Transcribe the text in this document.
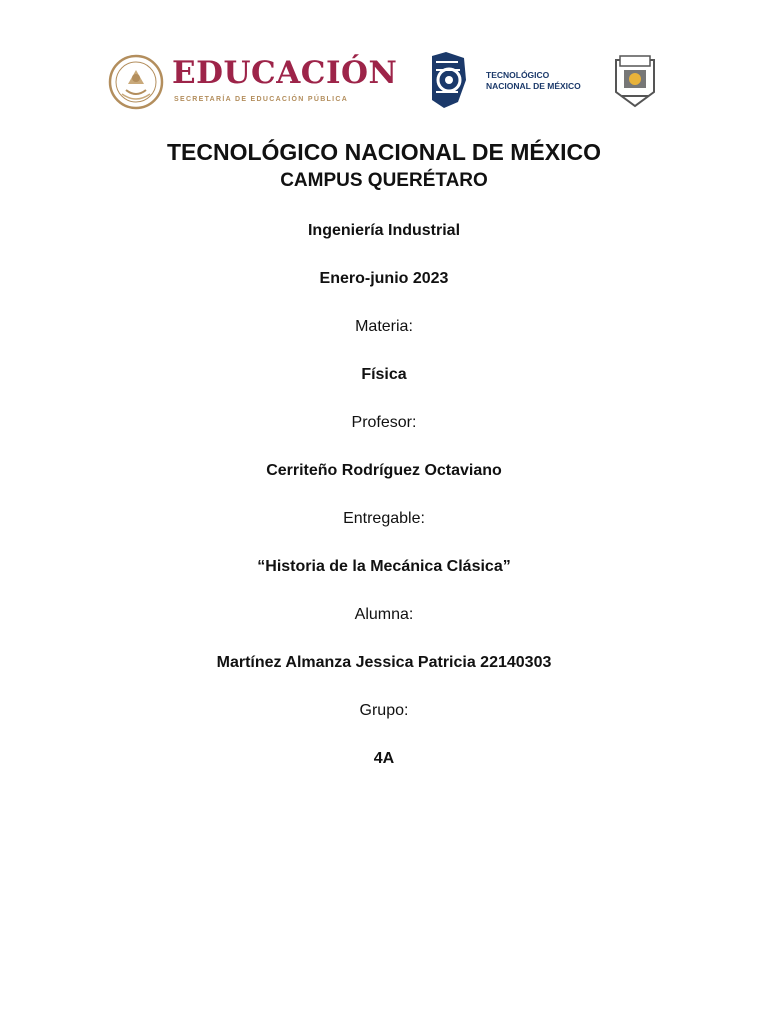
EDUCACIÓN
SECRETARÍA DE EDUCACIÓN PÚBLICA
TECNOLÓGICO
NACIONAL DE MÉXICO
TECNOLÓGICO NACIONAL DE MÉXICO
CAMPUS QUERÉTARO
Ingeniería Industrial
Enero-junio 2023
Materia:
Física
Profesor:
Cerriteño Rodríguez Octaviano
Entregable:
“Historia de la Mecánica Clásica”
Alumna:
Martínez Almanza Jessica Patricia 22140303
Grupo:
4A
